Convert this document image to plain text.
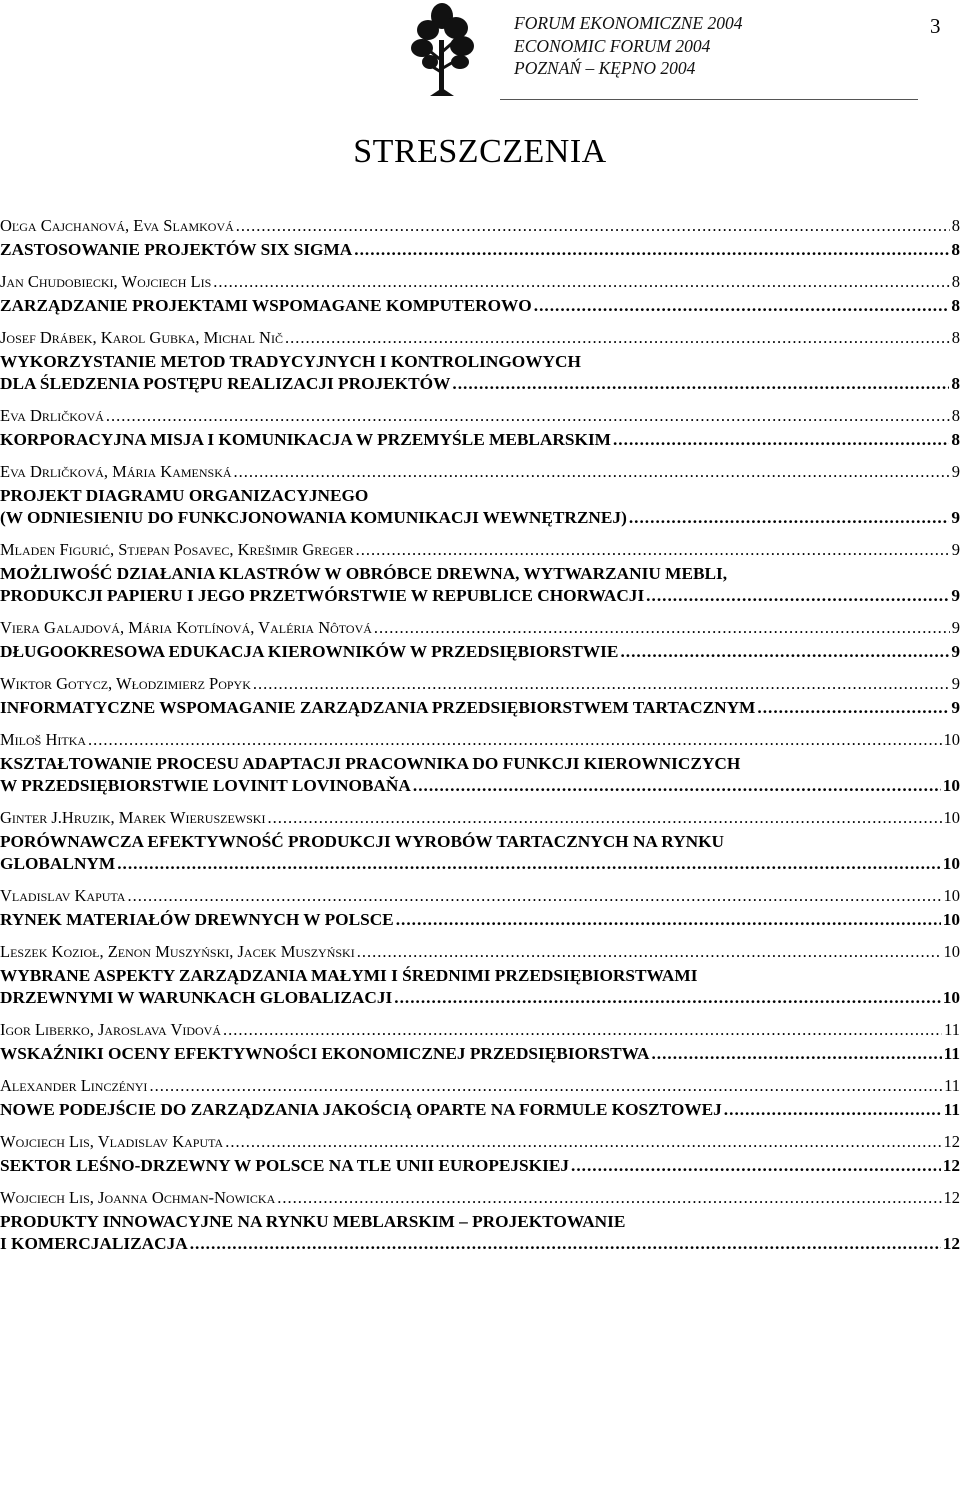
FORUM EKONOMICZNE 2004
ECONOMIC FORUM 2004
POZNAŃ – KĘPNO 2004
3
STRESZCZENIA
Oľga Cajchanová, Eva Slamková .....	8
ZASTOSOWANIE PROJEKTÓW SIX SIGMA .....	8
Jan Chudobiecki, Wojciech Lis .....	8
ZARZĄDZANIE PROJEKTAMI WSPOMAGANE KOMPUTEROWO .....	8
Josef Drábek, Karol Gubka, Michal Nič .....	8
WYKORZYSTANIE METOD TRADYCYJNYCH I KONTROLINGOWYCH
DLA ŚLEDZENIA POSTĘPU REALIZACJI PROJEKTÓW .....	8
Eva Drličková .....	8
KORPORACYJNA MISJA I KOMUNIKACJA W PRZEMYŚLE MEBLARSKIM .....	8
Eva Drličková, Mária Kamenská .....	9
PROJEKT DIAGRAMU ORGANIZACYJNEGO
(W ODNIESIENIU DO FUNKCJONOWANIA KOMUNIKACJI WEWNĘTRZNEJ) .....	9
Mladen Figurić, Stjepan Posavec, Krešimir Greger .....	9
MOŻLIWOŚĆ DZIAŁANIA KLASTRÓW W OBRÓBCE DREWNA, WYTWARZANIU MEBLI,
PRODUKCJI PAPIERU I JEGO PRZETWÓRSTWIE W REPUBLICE CHORWACJI .....	9
Viera Galajdová, Mária Kotlínová, Valéria Nôtová .....	9
DŁUGOOKRESOWA EDUKACJA KIEROWNIKÓW W PRZEDSIĘBIORSTWIE .....	9
Wiktor Gotycz, Włodzimierz Popyk .....	9
INFORMATYCZNE WSPOMAGANIE ZARZĄDZANIA PRZEDSIĘBIORSTWEM TARTACZNYM .....	9
Miloš Hitka .....	10
KSZTAŁTOWANIE PROCESU ADAPTACJI PRACOWNIKA DO FUNKCJI KIEROWNICZYCH
W PRZEDSIĘBIORSTWIE LOVINIT LOVINOBAŇA .....	10
Ginter J.Hruzik, Marek Wieruszewski .....	10
PORÓWNAWCZA EFEKTYWNOŚĆ PRODUKCJI WYROBÓW TARTACZNYCH NA RYNKU
GLOBALNYM .....	10
Vladislav Kaputa .....	10
RYNEK MATERIAŁÓW DREWNYCH W POLSCE .....	10
Leszek Kozioł, Zenon Muszyński, Jacek Muszyński .....	10
WYBRANE ASPEKTY ZARZĄDZANIA MAŁYMI I ŚREDNIMI PRZEDSIĘBIORSTWAMI
DRZEWNYMI W WARUNKACH GLOBALIZACJI .....	10
Igor Liberko, Jaroslava Vidová .....	11
WSKAŹNIKI OCENY EFEKTYWNOŚCI EKONOMICZNEJ PRZEDSIĘBIORSTWA .....	11
Alexander Linczényi .....	11
NOWE PODEJŚCIE DO ZARZĄDZANIA JAKOŚCIĄ OPARTE NA FORMULE KOSZTOWEJ .....	11
Wojciech Lis, Vladislav Kaputa .....	12
SEKTOR LEŚNO-DRZEWNY W POLSCE NA TLE UNII EUROPEJSKIEJ .....	12
Wojciech Lis, Joanna Ochman-Nowicka .....	12
PRODUKTY INNOWACYJNE NA RYNKU MEBLARSKIM – PROJEKTOWANIE
I KOMERCJALIZACJA .....	12
